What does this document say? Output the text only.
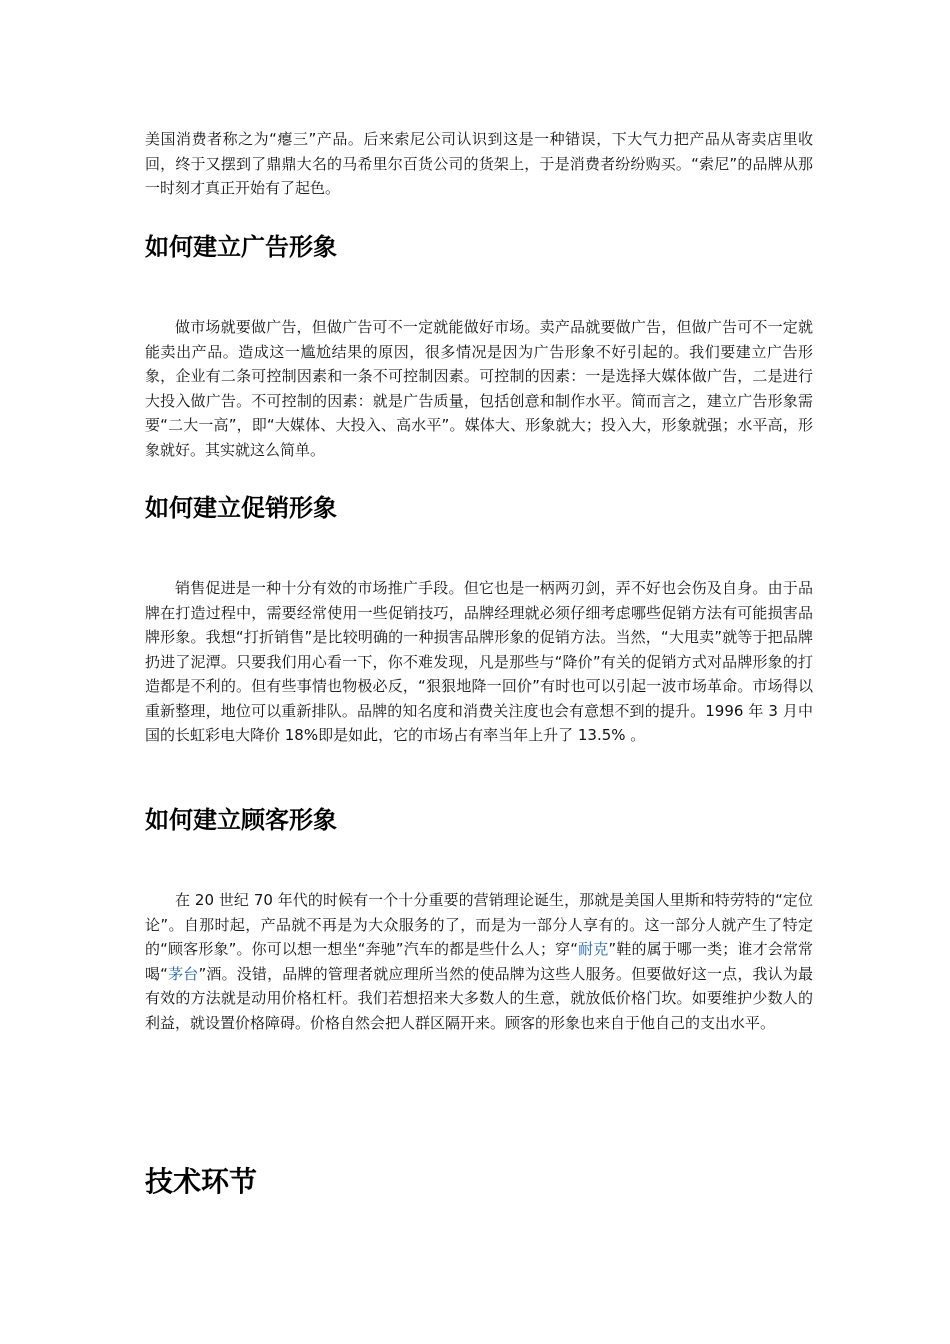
美国消费者称之为“瘪三”产品。后来索尼公司认识到这是一种错误，下大气力把产品从寄卖店里收回，终于又摆到了鼎鼎大名的马希里尔百货公司的货架上，于是消费者纷纷购买。“索尼”的品牌从那一时刻才真正开始有了起色。

如何建立广告形象

做市场就要做广告，但做广告可不一定就能做好市场。卖产品就要做广告，但做广告可不一定就能卖出产品。造成这一尴尬结果的原因，很多情况是因为广告形象不好引起的。我们要建立广告形象，企业有二条可控制因素和一条不可控制因素。可控制的因素：一是选择大媒体做广告，二是进行大投入做广告。不可控制的因素：就是广告质量，包括创意和制作水平。简而言之，建立广告形象需要“二大一高”，即“大媒体、大投入、高水平”。媒体大、形象就大；投入大，形象就强；水平高，形象就好。其实就这么简单。

如何建立促销形象

销售促进是一种十分有效的市场推广手段。但它也是一柄两刃剑，弄不好也会伤及自身。由于品牌在打造过程中，需要经常使用一些促销技巧，品牌经理就必须仔细考虑哪些促销方法有可能损害品牌形象。我想“打折销售”是比较明确的一种损害品牌形象的促销方法。当然，“大甩卖”就等于把品牌扔进了泥潭。只要我们用心看一下，你不难发现，凡是那些与“降价”有关的促销方式对品牌形象的打造都是不利的。但有些事情也物极必反，“狠狠地降一回价”有时也可以引起一波市场革命。市场得以重新整理，地位可以重新排队。品牌的知名度和消费关注度也会有意想不到的提升。1996 年 3 月中国的长虹彩电大降价 18%即是如此，它的市场占有率当年上升了 13.5% 。

如何建立顾客形象

在 20 世纪 70 年代的时候有一个十分重要的营销理论诞生，那就是美国人里斯和特劳特的“定位论”。自那时起，产品就不再是为大众服务的了，而是为一部分人享有的。这一部分人就产生了特定的“顾客形象”。你可以想一想坐“奔驰”汽车的都是些什么人；穿“耐克”鞋的属于哪一类；谁才会常常喝“茅台”酒。没错，品牌的管理者就应理所当然的使品牌为这些人服务。但要做好这一点，我认为最有效的方法就是动用价格杠杆。我们若想招来大多数人的生意，就放低价格门坎。如要维护少数人的利益，就设置价格障碍。价格自然会把人群区隔开来。顾客的形象也来自于他自己的支出水平。

技术环节
